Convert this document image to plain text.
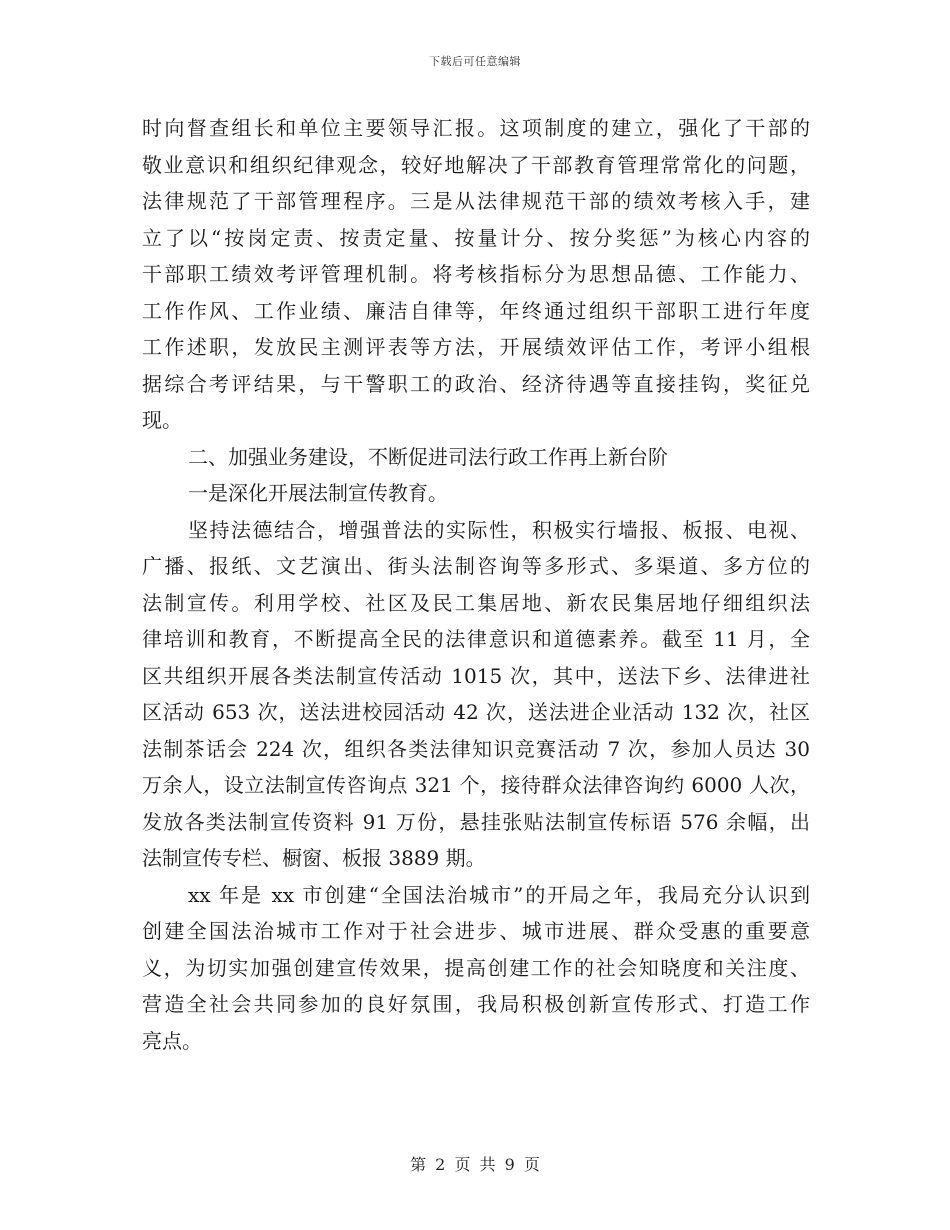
下载后可任意编辑
时向督查组长和单位主要领导汇报。这项制度的建立，强化了干部的
敬业意识和组织纪律观念，较好地解决了干部教育管理常常化的问题，
法律规范了干部管理程序。三是从法律规范干部的绩效考核入手，建
立了以“按岗定责、按责定量、按量计分、按分奖惩”为核心内容的
干部职工绩效考评管理机制。将考核指标分为思想品德、工作能力、
工作作风、工作业绩、廉洁自律等，年终通过组织干部职工进行年度
工作述职，发放民主测评表等方法，开展绩效评估工作，考评小组根
据综合考评结果，与干警职工的政治、经济待遇等直接挂钩，奖征兑
现。
二、加强业务建设，不断促进司法行政工作再上新台阶
一是深化开展法制宣传教育。
坚持法德结合，增强普法的实际性，积极实行墙报、板报、电视、
广播、报纸、文艺演出、街头法制咨询等多形式、多渠道、多方位的
法制宣传。利用学校、社区及民工集居地、新农民集居地仔细组织法
律培训和教育，不断提高全民的法律意识和道德素养。截至 11 月，全
区共组织开展各类法制宣传活动 1015 次，其中，送法下乡、法律进社
区活动 653 次，送法进校园活动 42 次，送法进企业活动 132 次，社区
法制茶话会 224 次，组织各类法律知识竞赛活动 7 次，参加人员达 30
万余人，设立法制宣传咨询点 321 个，接待群众法律咨询约 6000 人次，
发放各类法制宣传资料 91 万份，悬挂张贴法制宣传标语 576 余幅，出
法制宣传专栏、橱窗、板报 3889 期。
xx 年是 xx 市创建“全国法治城市”的开局之年，我局充分认识到
创建全国法治城市工作对于社会进步、城市进展、群众受惠的重要意
义，为切实加强创建宣传效果，提高创建工作的社会知晓度和关注度、
营造全社会共同参加的良好氛围，我局积极创新宣传形式、打造工作
亮点。
第 2 页 共 9 页
